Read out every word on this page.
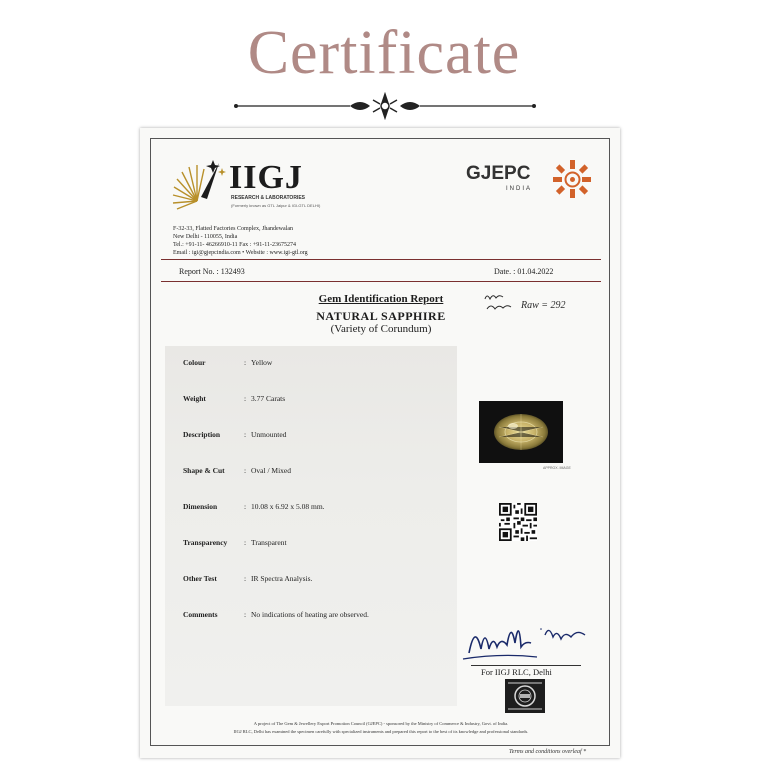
Certificate
IIGJ
RESEARCH & LABORATORIES
(Formerly known as GTL Jaipur & IGI-GTL DELHI)
GJEPC
INDIA
F-32-33, Flatted Factories Complex, Jhandewalan
New Delhi - 110055, India
Tel.: +91-11- 46266910-11 Fax : +91-11-23675274
Email : igi@gjepcindia.com • Website : www.igi-gtl.org
Report No. : 132493	Date. : 01.04.2022
Gem Identification Report
NATURAL SAPPHIRE
(Variety of Corundum)
Raw = 292
Colour	: Yellow
Weight	: 3.77 Carats
Description	: Unmounted
Shape & Cut	: Oval / Mixed
Dimension	: 10.08 x 6.92 x 5.08 mm.
Transparency	: Transparent
Other Test	: IR Spectra Analysis.
Comments	: No indications of heating are observed.
APPROX. IMAGE
For IIGJ RLC, Delhi
A project of The Gem & Jewellery Export Promotion Council (GJEPC) - sponsored by the Ministry of Commerce & Industry, Govt. of India.
IIGJ RLC, Delhi has examined the specimen carefully with specialized instruments and prepared this report to the best of its knowledge and professional standards.
Terms and conditions overleaf *
